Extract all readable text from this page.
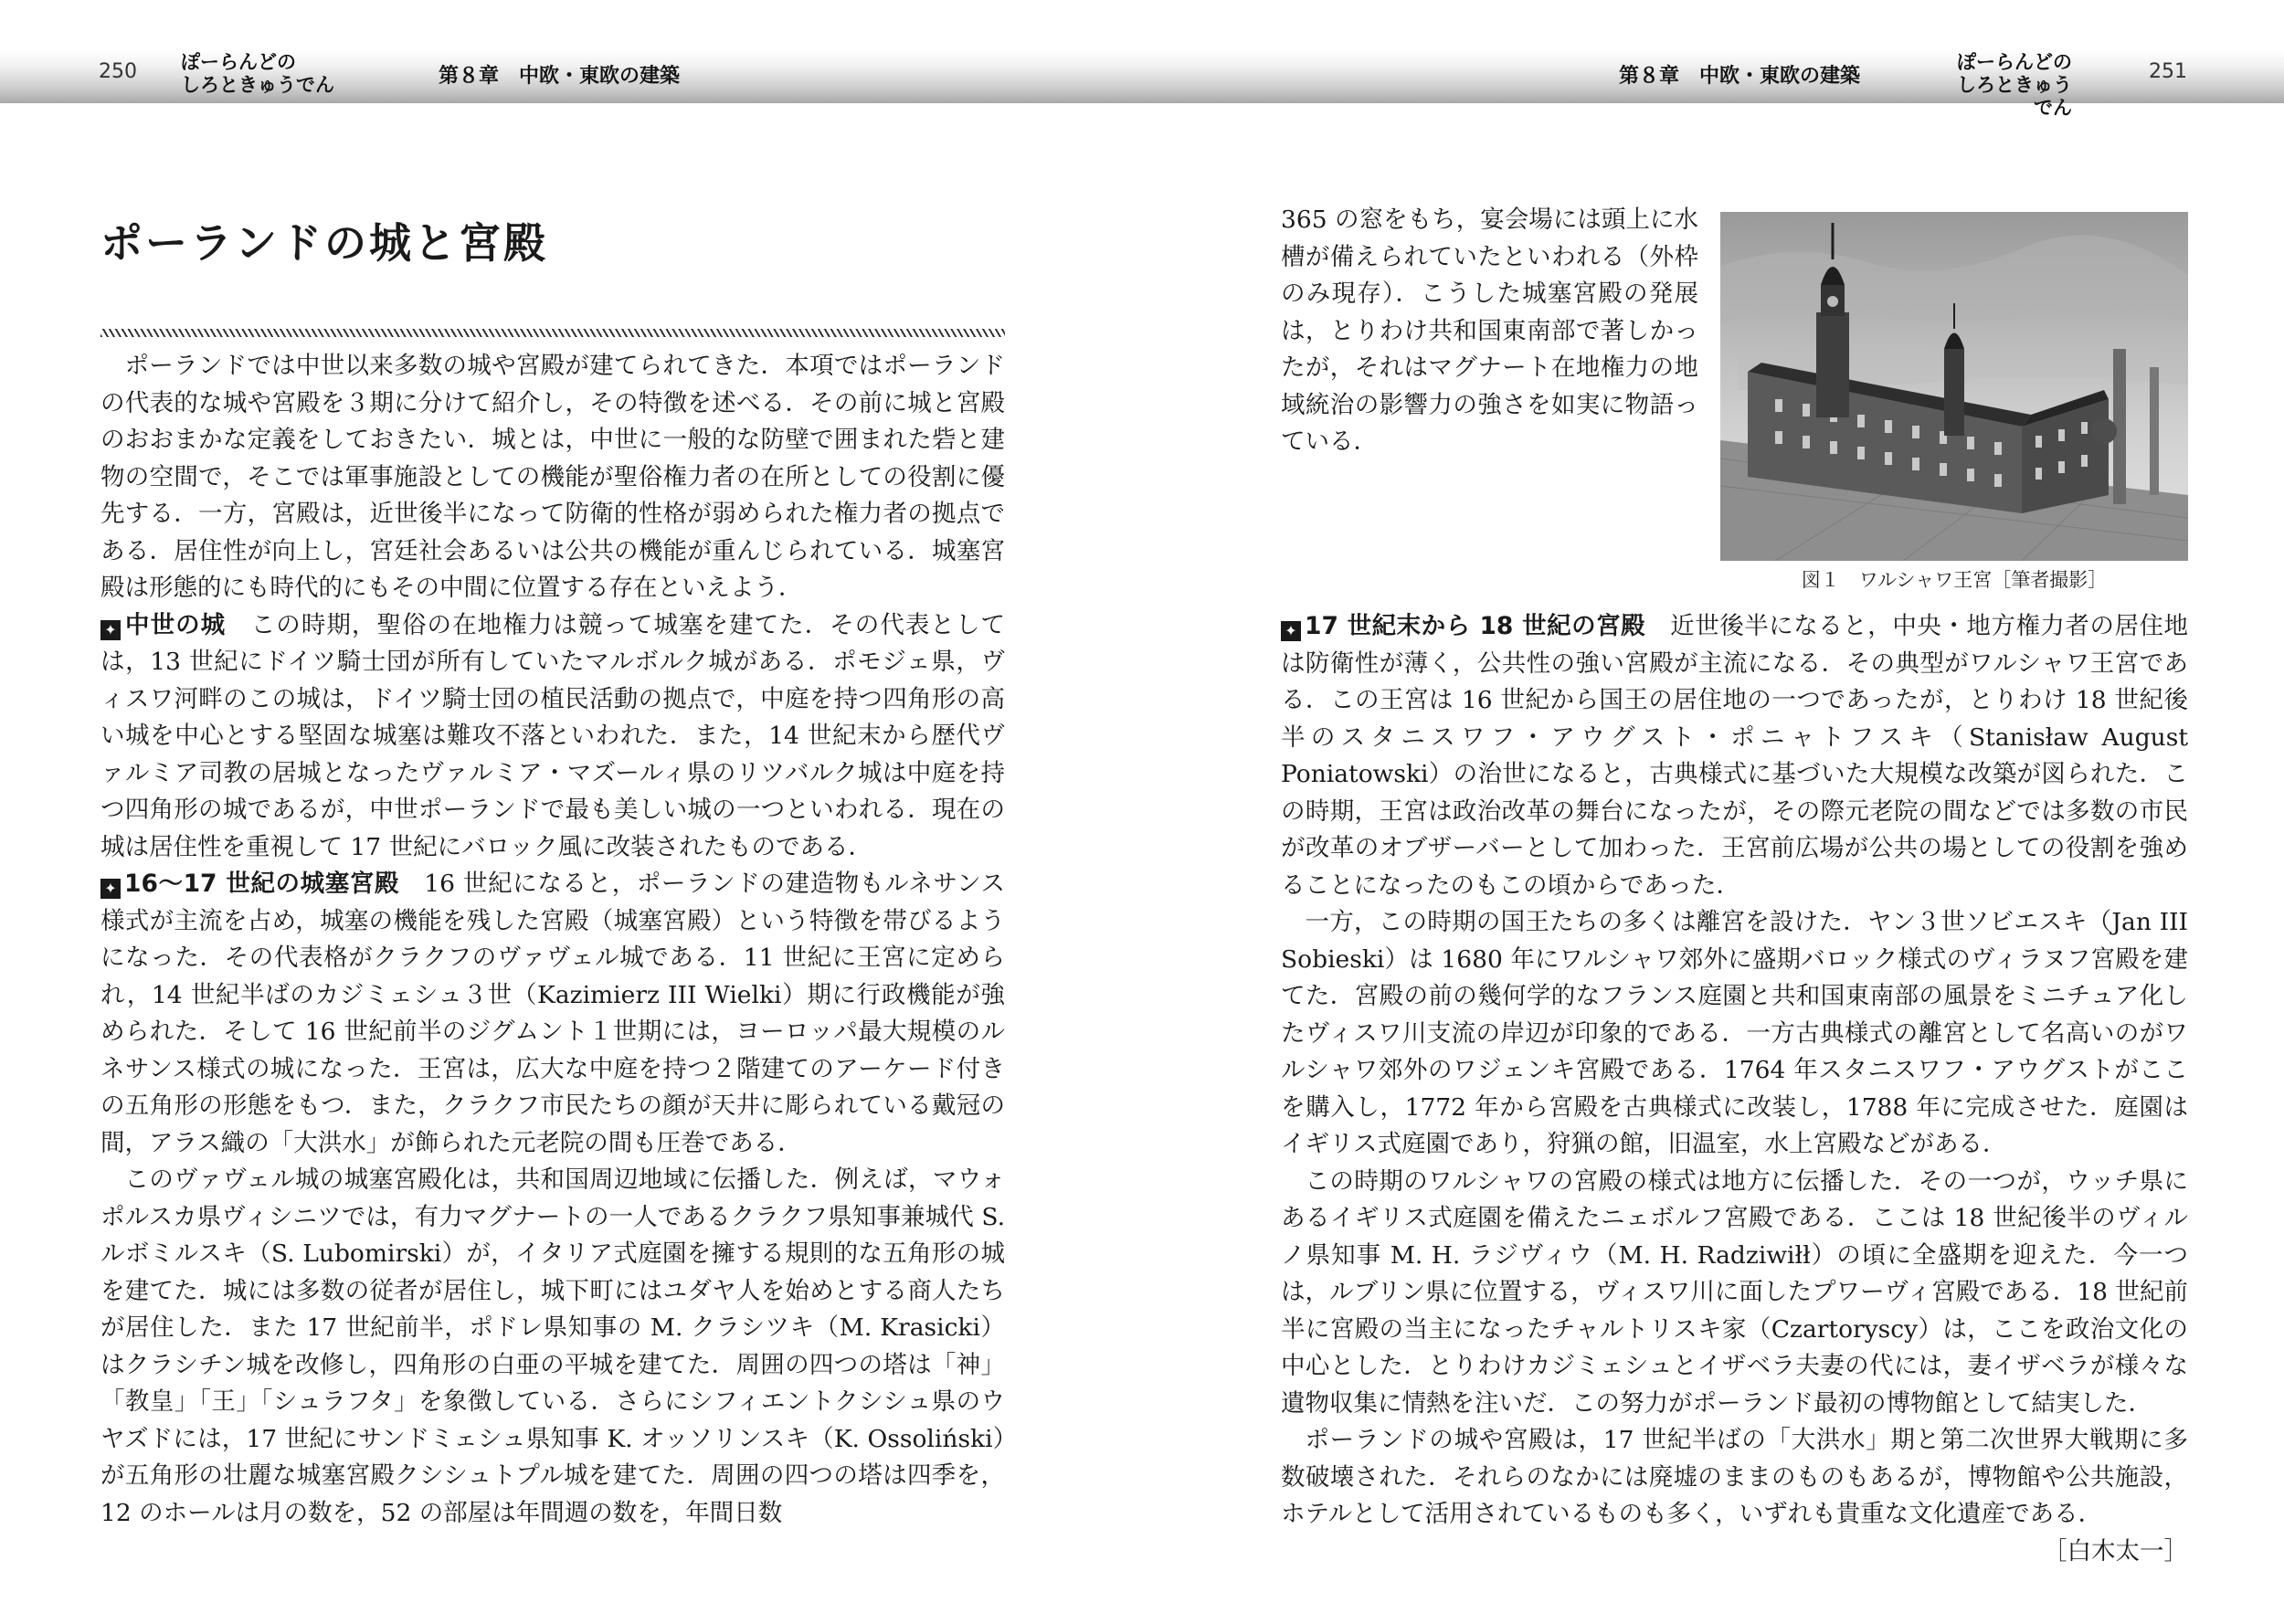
250 ぽーらんどの
しろときゅうでん	第８章　中欧・東欧の建築	第８章　中欧・東欧の建築
ぽーらんどの
しろときゅうでん
251
ポーランドの城と宮殿

ポーランドでは中世以来多数の城や宮殿が建てられてきた．本項ではポーランドの代表的な城や宮殿を３期に分けて紹介し，その特徴を述べる．その前に城と宮殿のおおまかな定義をしておきたい．城とは，中世に一般的な防壁で囲まれた砦と建物の空間で，そこでは軍事施設としての機能が聖俗権力者の在所としての役割に優先する．一方，宮殿は，近世後半になって防衛的性格が弱められた権力者の拠点である．居住性が向上し，宮廷社会あるいは公共の機能が重んじられている．城塞宮殿は形態的にも時代的にもその中間に位置する存在といえよう．

✦ 中世の城　この時期，聖俗の在地権力は競って城塞を建てた．その代表としては，13 世紀にドイツ騎士団が所有していたマルボルク城がある．ポモジェ県，ヴィスワ河畔のこの城は，ドイツ騎士団の植民活動の拠点で，中庭を持つ四角形の高い城を中心とする堅固な城塞は難攻不落といわれた．また，14 世紀末から歴代ヴァルミア司教の居城となったヴァルミア・マズールィ県のリツバルク城は中庭を持つ四角形の城であるが，中世ポーランドで最も美しい城の一つといわれる．現在の城は居住性を重視して 17 世紀にバロック風に改装されたものである．

✦ 16〜17 世紀の城塞宮殿　16 世紀になると，ポーランドの建造物もルネサンス様式が主流を占め，城塞の機能を残した宮殿（城塞宮殿）という特徴を帯びるようになった．その代表格がクラクフのヴァヴェル城である．11 世紀に王宮に定められ，14 世紀半ばのカジミェシュ３世（Kazimierz III Wielki）期に行政機能が強められた．そして 16 世紀前半のジグムント１世期には，ヨーロッパ最大規模のルネサンス様式の城になった．王宮は，広大な中庭を持つ２階建てのアーケード付きの五角形の形態をもつ．また，クラクフ市民たちの顔が天井に彫られている戴冠の間，アラス織の「大洪水」が飾られた元老院の間も圧巻である．

このヴァヴェル城の城塞宮殿化は，共和国周辺地域に伝播した．例えば，マウォポルスカ県ヴィシニツでは，有力マグナートの一人であるクラクフ県知事兼城代 S. ルボミルスキ（S. Lubomirski）が，イタリア式庭園を擁する規則的な五角形の城を建てた．城には多数の従者が居住し，城下町にはユダヤ人を始めとする商人たちが居住した．また 17 世紀前半，ポドレ県知事の M. クラシツキ（M. Krasicki）はクラシチン城を改修し，四角形の白亜の平城を建てた．周囲の四つの塔は「神」「教皇」「王」「シュラフタ」を象徴している．さらにシフィエントクシシュ県のウヤズドには，17 世紀にサンドミェシュ県知事 K. オッソリンスキ（K. Ossoliński）が五角形の壮麗な城塞宮殿クシシュトプル城を建てた．周囲の四つの塔は四季を，12 のホールは月の数を，52 の部屋は年間週の数を，年間日数

図１　ワルシャワ王宮［筆者撮影］
365 の窓をもち，宴会場には頭上に水槽が備えられていたといわれる（外枠のみ現存）．こうした城塞宮殿の発展は，とりわけ共和国東南部で著しかったが，それはマグナート在地権力の地域統治の影響力の強さを如実に物語っている．

✦ 17 世紀末から 18 世紀の宮殿　近世後半になると，中央・地方権力者の居住地は防衛性が薄く，公共性の強い宮殿が主流になる．その典型がワルシャワ王宮である．この王宮は 16 世紀から国王の居住地の一つであったが，とりわけ 18 世紀後半のスタニスワフ・アウグスト・ポニャトフスキ（Stanisław August Poniatowski）の治世になると，古典様式に基づいた大規模な改築が図られた．この時期，王宮は政治改革の舞台になったが，その際元老院の間などでは多数の市民が改革のオブザーバーとして加わった．王宮前広場が公共の場としての役割を強めることになったのもこの頃からであった．

一方，この時期の国王たちの多くは離宮を設けた．ヤン３世ソビエスキ（Jan III Sobieski）は 1680 年にワルシャワ郊外に盛期バロック様式のヴィラヌフ宮殿を建てた．宮殿の前の幾何学的なフランス庭園と共和国東南部の風景をミニチュア化したヴィスワ川支流の岸辺が印象的である．一方古典様式の離宮として名高いのがワルシャワ郊外のワジェンキ宮殿である．1764 年スタニスワフ・アウグストがここを購入し，1772 年から宮殿を古典様式に改装し，1788 年に完成させた．庭園はイギリス式庭園であり，狩猟の館，旧温室，水上宮殿などがある．

この時期のワルシャワの宮殿の様式は地方に伝播した．その一つが，ウッチ県にあるイギリス式庭園を備えたニェボルフ宮殿である．ここは 18 世紀後半のヴィルノ県知事 M. H. ラジヴィウ（M. H. Radziwiłł）の頃に全盛期を迎えた．今一つは，ルブリン県に位置する，ヴィスワ川に面したプワーヴィ宮殿である．18 世紀前半に宮殿の当主になったチャルトリスキ家（Czartoryscy）は，ここを政治文化の中心とした．とりわけカジミェシュとイザベラ夫妻の代には，妻イザベラが様々な遺物収集に情熱を注いだ．この努力がポーランド最初の博物館として結実した．

ポーランドの城や宮殿は，17 世紀半ばの「大洪水」期と第二次世界大戦期に多数破壊された．それらのなかには廃墟のままのものもあるが，博物館や公共施設，ホテルとして活用されているものも多く，いずれも貴重な文化遺産である．

［白木太一］
